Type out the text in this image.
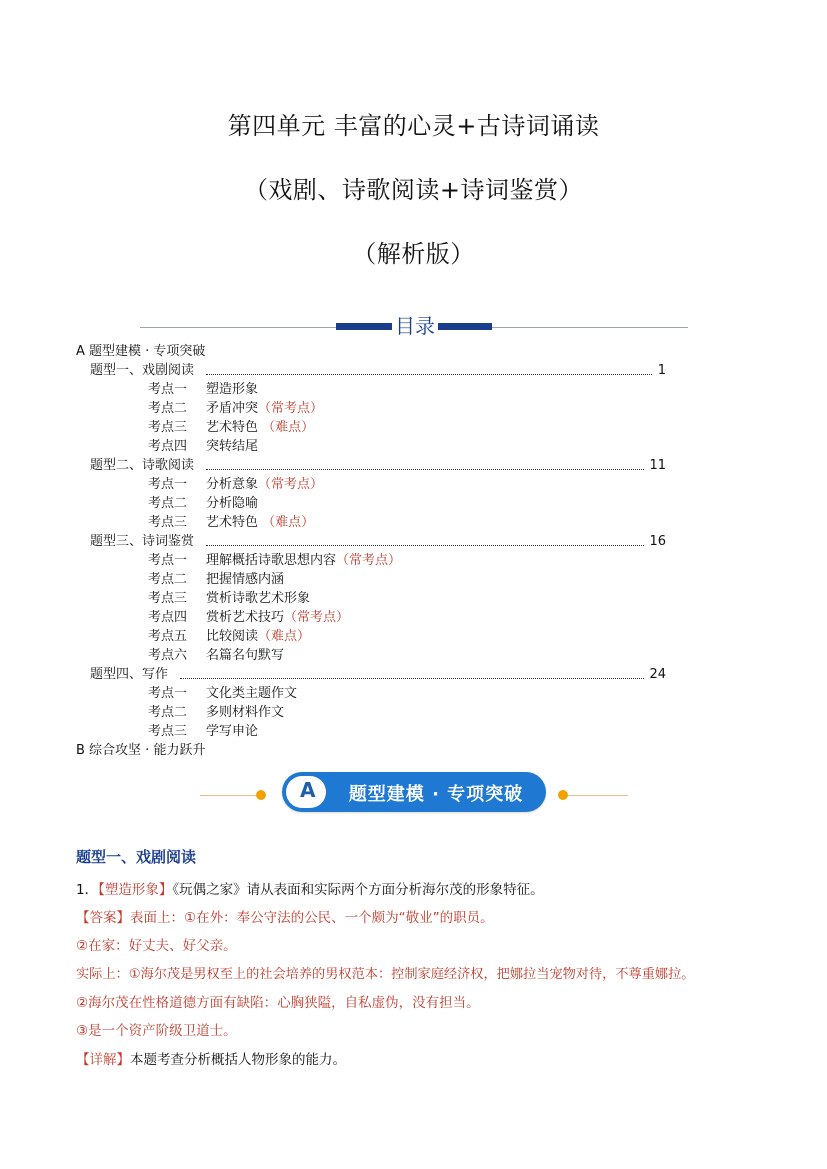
第四单元 丰富的心灵+古诗词诵读
（戏剧、诗歌阅读+诗词鉴赏）
（解析版）
目录
A 题型建模 · 专项突破
题型一、戏剧阅读	1
考点一 塑造形象
考点二 矛盾冲突（常考点）
考点三 艺术特色 （难点）
考点四 突转结尾
题型二、诗歌阅读	11
考点一 分析意象（常考点）
考点二 分析隐喻
考点三 艺术特色 （难点）
题型三、诗词鉴赏	16
考点一 理解概括诗歌思想内容（常考点）
考点二 把握情感内涵
考点三 赏析诗歌艺术形象
考点四 赏析艺术技巧（常考点）
考点五 比较阅读（难点）
考点六 名篇名句默写
题型四、写作	24
考点一 文化类主题作文
考点二 多则材料作文
考点三 学写申论
B 综合攻坚 · 能力跃升
A	题型建模 · 专项突破
题型一、戏剧阅读
1．【塑造形象】《玩偶之家》请从表面和实际两个方面分析海尔茂的形象特征。
【答案】表面上：①在外：奉公守法的公民、一个颇为“敬业”的职员。
②在家：好丈夫、好父亲。
实际上：①海尔茂是男权至上的社会培养的男权范本：控制家庭经济权，把娜拉当宠物对待，不尊重娜拉。
②海尔茂在性格道德方面有缺陷：心胸狭隘，自私虚伪，没有担当。
③是一个资产阶级卫道士。
【详解】本题考查分析概括人物形象的能力。
